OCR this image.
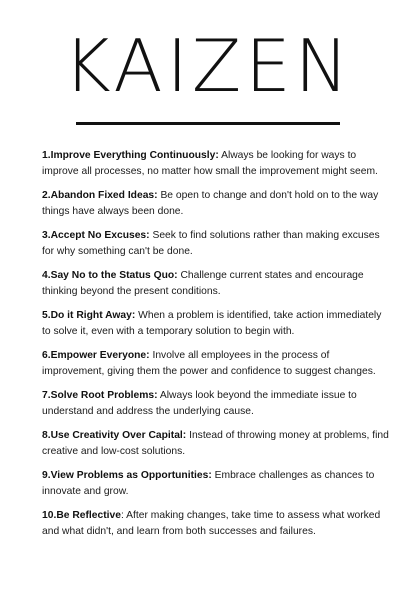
KAIZEN

1.Improve Everything Continuously: Always be looking for ways to improve all processes, no matter how small the improvement might seem.

2.Abandon Fixed Ideas: Be open to change and don't hold on to the way things have always been done.

3.Accept No Excuses: Seek to find solutions rather than making excuses for why something can't be done.

4.Say No to the Status Quo: Challenge current states and encourage thinking beyond the present conditions.

5.Do it Right Away: When a problem is identified, take action immediately to solve it, even with a temporary solution to begin with.

6.Empower Everyone: Involve all employees in the process of improvement, giving them the power and confidence to suggest changes.

7.Solve Root Problems: Always look beyond the immediate issue to understand and address the underlying cause.

8.Use Creativity Over Capital: Instead of throwing money at problems, find creative and low-cost solutions.

9.View Problems as Opportunities: Embrace challenges as chances to innovate and grow.

10.Be Reflective: After making changes, take time to assess what worked and what didn't, and learn from both successes and failures.
